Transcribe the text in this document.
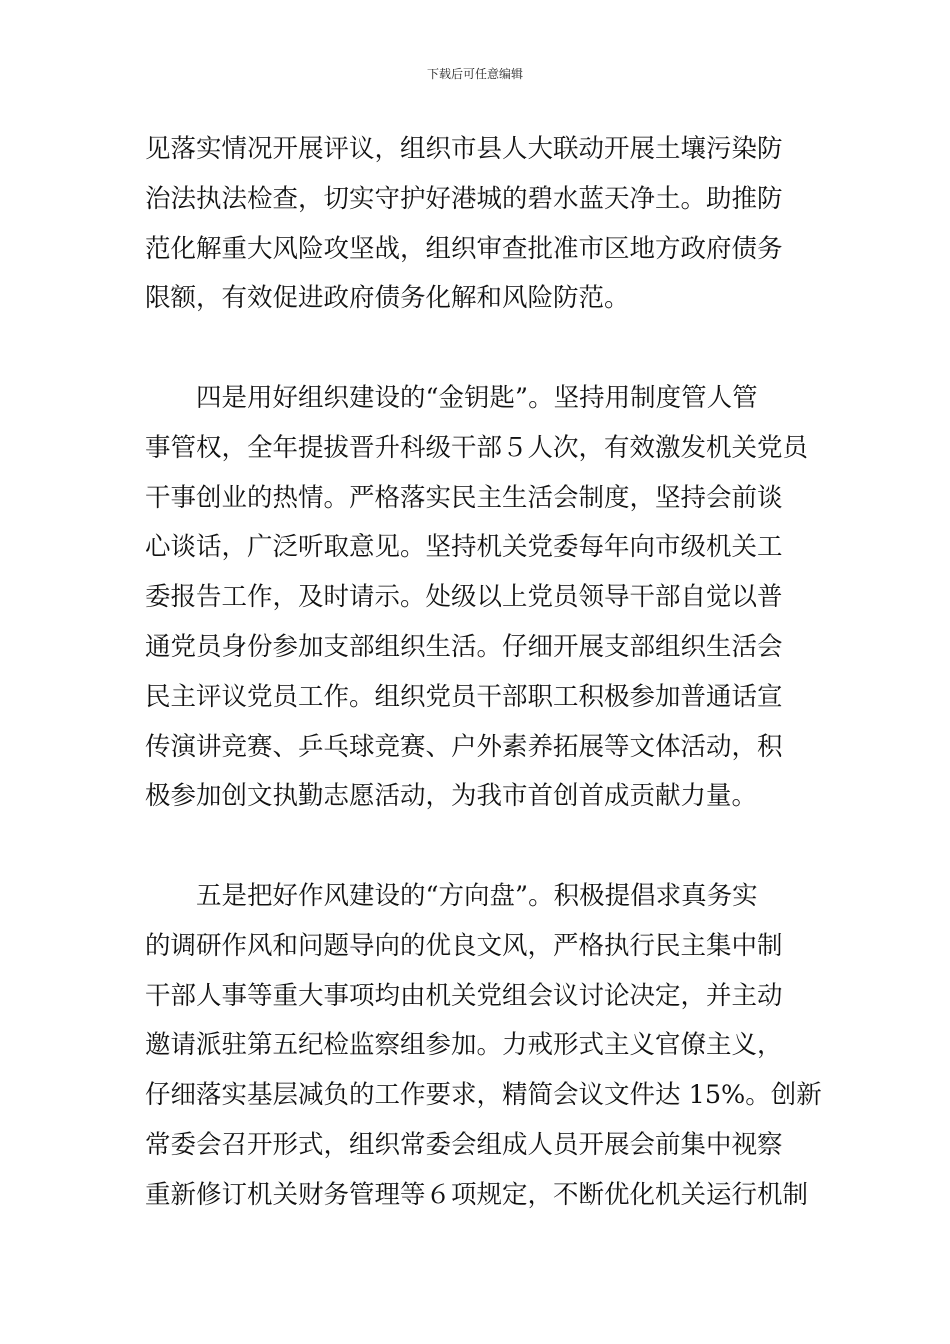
下载后可任意编辑
见落实情况开展评议，组织市县人大联动开展土壤污染防
治法执法检查，切实守护好港城的碧水蓝天净土。助推防
范化解重大风险攻坚战，组织审查批准市区地方政府债务
限额，有效促进政府债务化解和风险防范。
四是用好组织建设的“金钥匙”。坚持用制度管人管
事管权，全年提拔晋升科级干部５人次，有效激发机关党员
干事创业的热情。严格落实民主生活会制度，坚持会前谈
心谈话，广泛听取意见。坚持机关党委每年向市级机关工
委报告工作，及时请示。处级以上党员领导干部自觉以普
通党员身份参加支部组织生活。仔细开展支部组织生活会
民主评议党员工作。组织党员干部职工积极参加普通话宣
传演讲竞赛、乒乓球竞赛、户外素养拓展等文体活动，积
极参加创文执勤志愿活动，为我市首创首成贡献力量。
五是把好作风建设的“方向盘”。积极提倡求真务实
的调研作风和问题导向的优良文风，严格执行民主集中制
干部人事等重大事项均由机关党组会议讨论决定，并主动
邀请派驻第五纪检监察组参加。力戒形式主义官僚主义，
仔细落实基层减负的工作要求，精简会议文件达 15%。创新
常委会召开形式，组织常委会组成人员开展会前集中视察
重新修订机关财务管理等６项规定，不断优化机关运行机制
